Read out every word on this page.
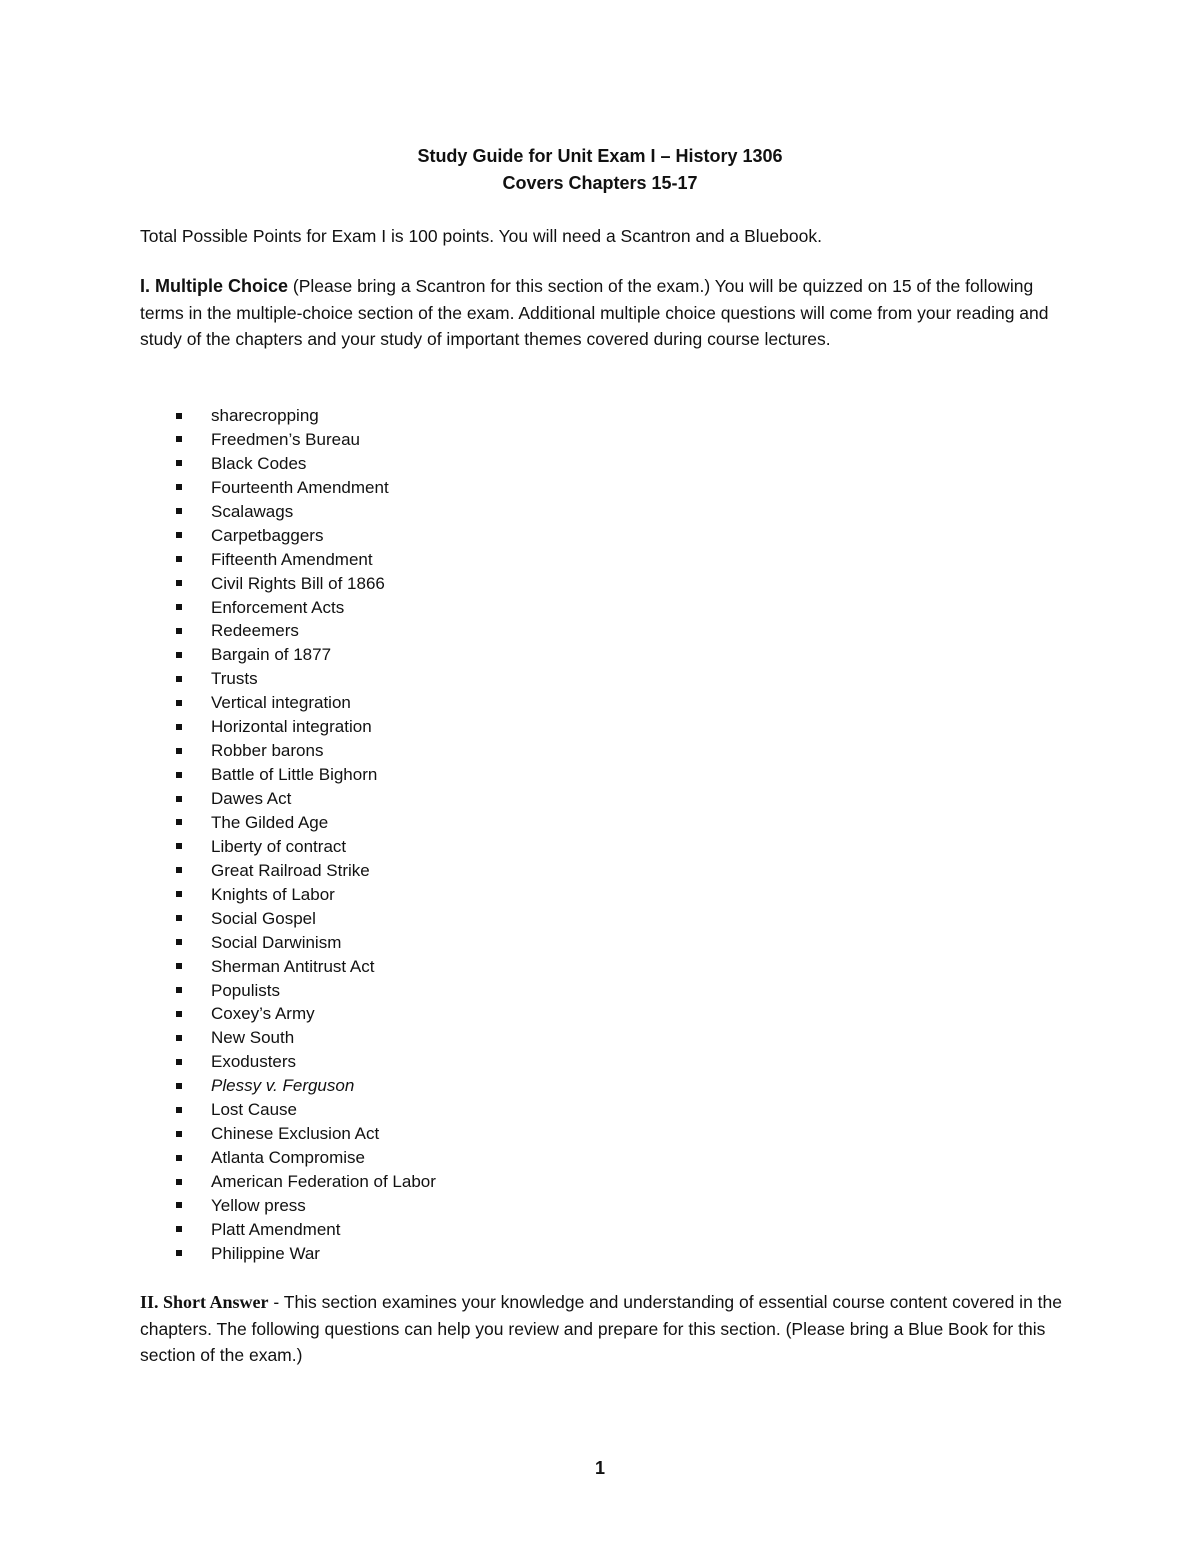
Study Guide for Unit Exam I – History 1306
Covers Chapters 15-17
Total Possible Points for Exam I is 100 points. You will need a Scantron and a Bluebook.
I. Multiple Choice (Please bring a Scantron for this section of the exam.) You will be quizzed on 15 of the following terms in the multiple-choice section of the exam. Additional multiple choice questions will come from your reading and study of the chapters and your study of important themes covered during course lectures.
sharecropping
Freedmen’s Bureau
Black Codes
Fourteenth Amendment
Scalawags
Carpetbaggers
Fifteenth Amendment
Civil Rights Bill of 1866
Enforcement Acts
Redeemers
Bargain of 1877
Trusts
Vertical integration
Horizontal integration
Robber barons
Battle of Little Bighorn
Dawes Act
The Gilded Age
Liberty of contract
Great Railroad Strike
Knights of Labor
Social Gospel
Social Darwinism
Sherman Antitrust Act
Populists
Coxey’s Army
New South
Exodusters
Plessy v. Ferguson
Lost Cause
Chinese Exclusion Act
Atlanta Compromise
American Federation of Labor
Yellow press
Platt Amendment
Philippine War
II. Short Answer - This section examines your knowledge and understanding of essential course content covered in the chapters. The following questions can help you review and prepare for this section. (Please bring a Blue Book for this section of the exam.)
1
